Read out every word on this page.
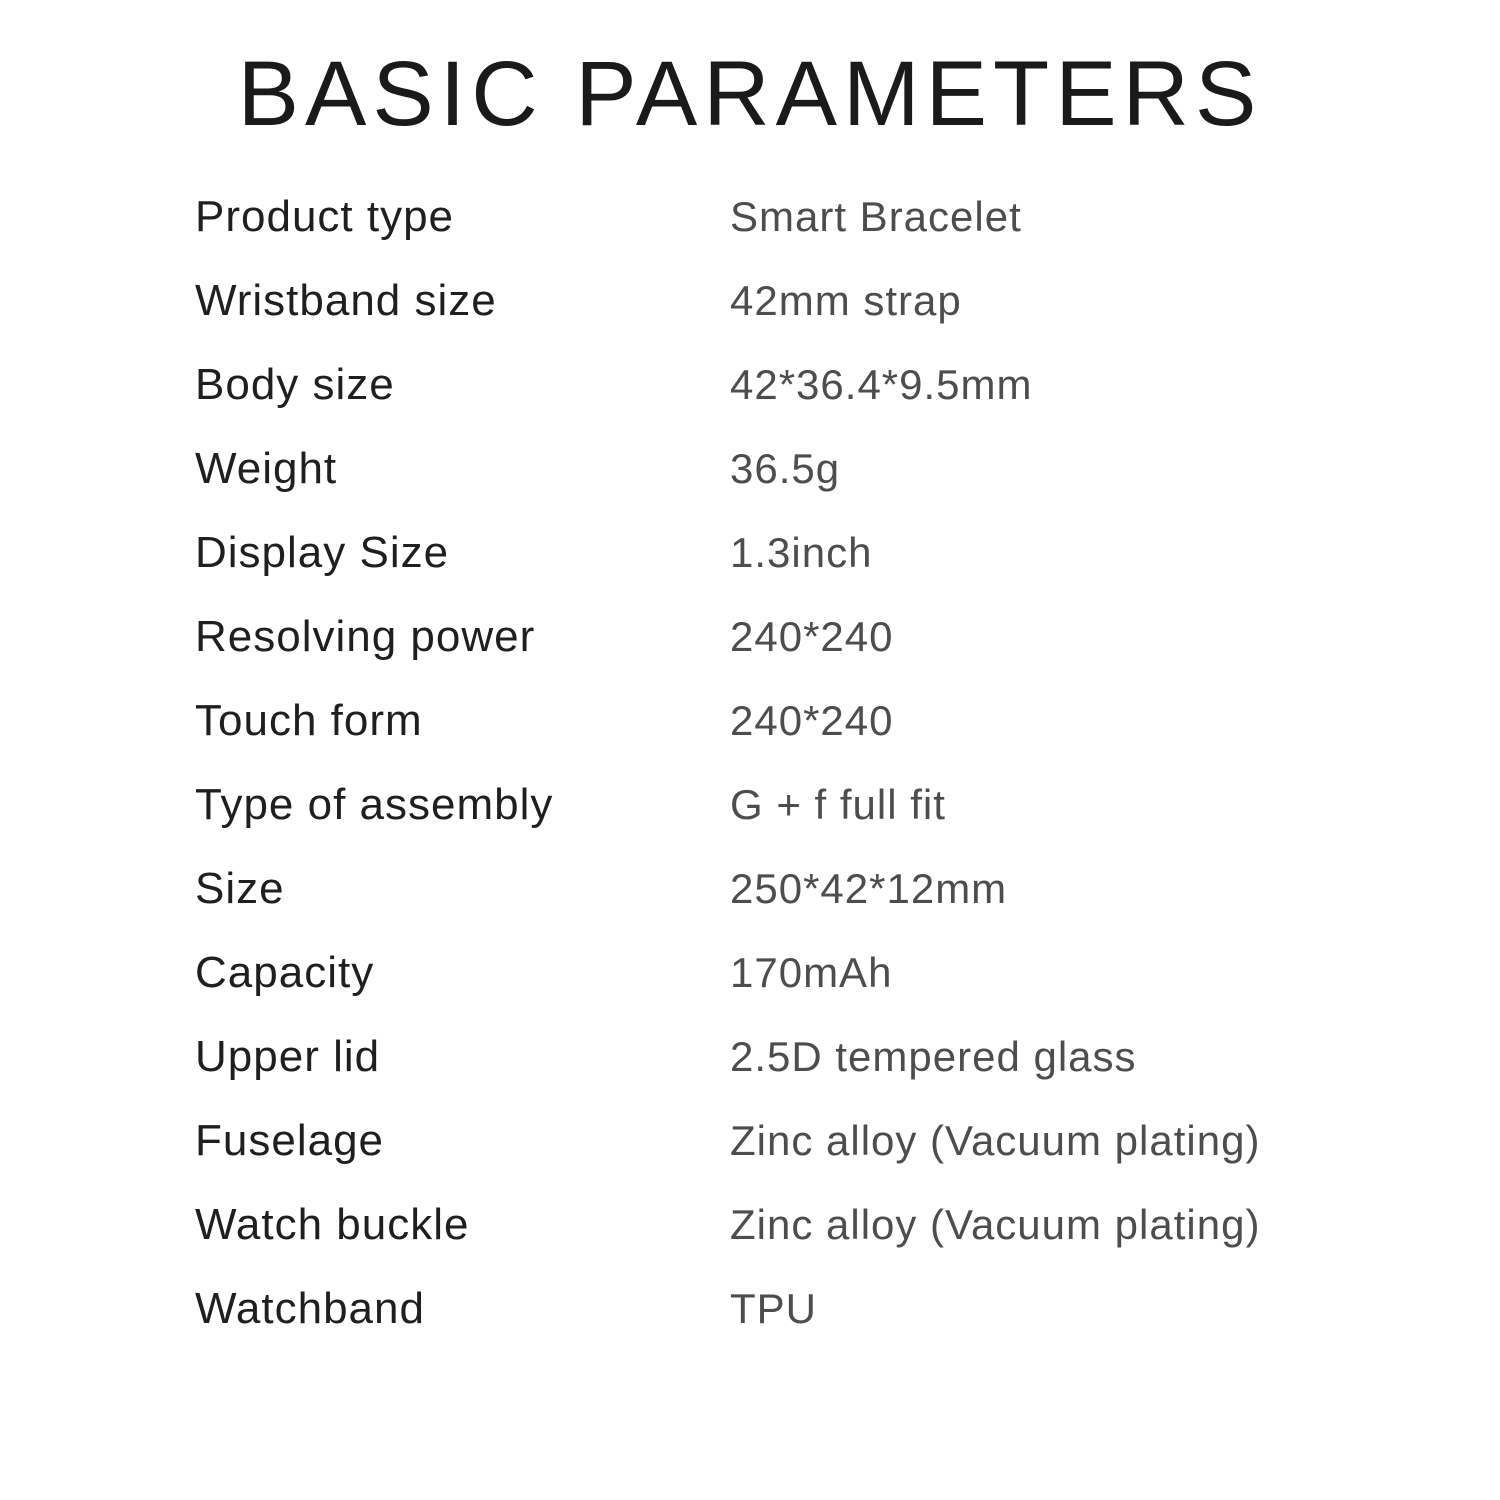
BASIC PARAMETERS
Product type	Smart Bracelet
Wristband size	42mm strap
Body size	42*36.4*9.5mm
Weight	36.5g
Display Size	1.3inch
Resolving power	240*240
Touch form	240*240
Type of assembly	G + f full fit
Size	250*42*12mm
Capacity	170mAh
Upper lid	2.5D tempered glass
Fuselage	Zinc alloy (Vacuum plating)
Watch buckle	Zinc alloy (Vacuum plating)
Watchband	TPU
